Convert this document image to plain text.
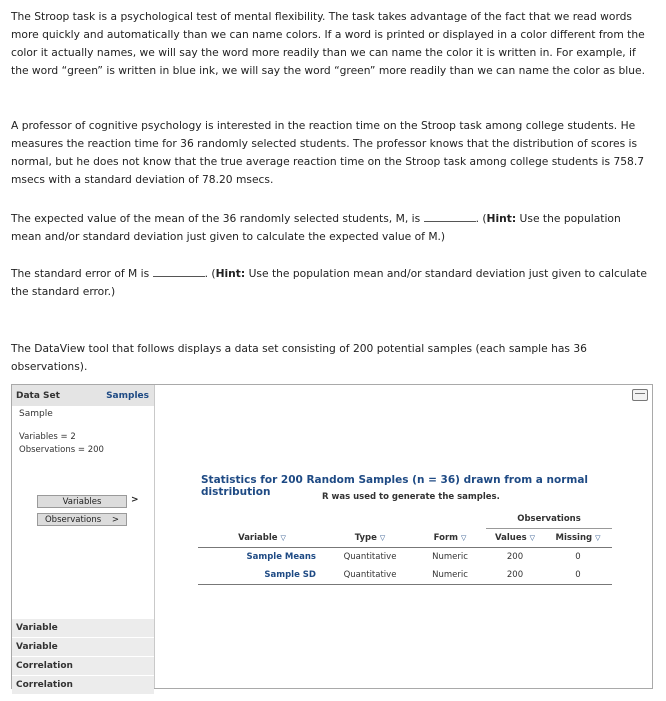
The Stroop task is a psychological test of mental flexibility. The task takes advantage of the fact that we read words more quickly and automatically than we can name colors. If a word is printed or displayed in a color different from the color it actually names, we will say the word more readily than we can name the color it is written in. For example, if the word “green” is written in blue ink, we will say the word “green” more readily than we can name the color as blue.

A professor of cognitive psychology is interested in the reaction time on the Stroop task among college students. He measures the reaction time for 36 randomly selected students. The professor knows that the distribution of scores is normal, but he does not know that the true average reaction time on the Stroop task among college students is 758.7 msecs with a standard deviation of 78.20 msecs.

The expected value of the mean of the 36 randomly selected students, M, is	. (Hint: Use the population mean and/or standard deviation just given to calculate the expected value of M.)

The standard error of M is	. (Hint: Use the population mean and/or standard deviation just given to calculate the standard error.)

The DataView tool that follows displays a data set consisting of 200 potential samples (each sample has 36 observations).

Data Set	Samples
Sample
Variables = 2
Observations = 200
Variables	>
Observations >
Variable
Variable
Correlation
Correlation
Statistics for 200 Random Samples (n = 36) drawn from a normal distribution	R was used to generate the samples.
			Observations	
Variable ▽	Type ▽	Form ▽	Values ▽	Missing ▽
Sample Means	Quantitative	Numeric	200	0
Sample SD	Quantitative	Numeric	200	0
